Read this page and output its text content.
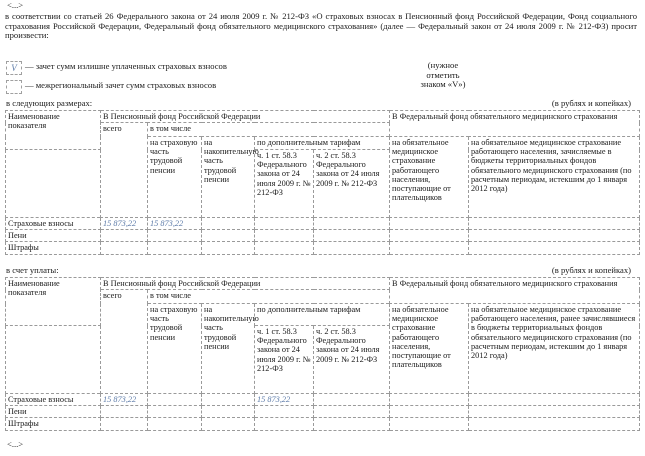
<...>
в соответствии со статьей 26 Федерального закона от 24 июля 2009 г. № 212-ФЗ «О страховых взносах в Пенсионный фонд Российской Федерации, Фонд социального страхования Российской Федерации, Федеральный фонд обязательного медицинского страхования» (далее — Федеральный закон от 24 июля 2009 г. № 212-ФЗ) просит произвести:
V — зачет сумм излишне уплаченных страховых взносов
— межрегиональный зачет сумм страховых взносов
(нужное отметить знаком «V»)
в следующих размерах:	(в рублях и копейках)
Наименование показателя	В Пенсионный фонд Российской Федерации					В Федеральный фонд обязательного медицинского страхования	
	всего	в том числе					
		на страховую часть трудовой пенсии	на накопительную часть трудовой пенсии	по дополнительным тарифам		на обязательное медицинское страхование работающего населения, поступающие от плательщиков	на обязательное медицинское страхование работающего населения, зачисляемые в бюджеты территориальных фондов обязательного медицинского страхования (по расчетным периодам, истекшим до 1 января 2012 года)
				ч. 1 ст. 58.3 Федерального закона от 24 июля 2009 г. № 212-ФЗ	ч. 2 ст. 58.3 Федерального закона от 24 июля 2009 г. № 212-ФЗ		
Страховые взносы	15 873,22	15 873,22					
Пени							
Штрафы							
в счет уплаты:	(в рублях и копейках)
Наименование показателя	В Пенсионный фонд Российской Федерации					В Федеральный фонд обязательного медицинского страхования	
	всего	в том числе					
		на страховую часть трудовой пенсии	на накопительную часть трудовой пенсии	по дополнительным тарифам		на обязательное медицинское страхование работающего населения, поступающие от плательщиков	на обязательное медицинское страхование работающего населения, ранее зачислявшиеся в бюджеты территориальных фондов обязательного медицинского страхования (по расчетным периодам, истекшим до 1 января 2012 года)
				ч. 1 ст. 58.3 Федерального закона от 24 июля 2009 г. № 212-ФЗ	ч. 2 ст. 58.3 Федерального закона от 24 июля 2009 г. № 212-ФЗ		
Страховые взносы	15 873,22			15 873,22			
Пени							
Штрафы							
<...>
